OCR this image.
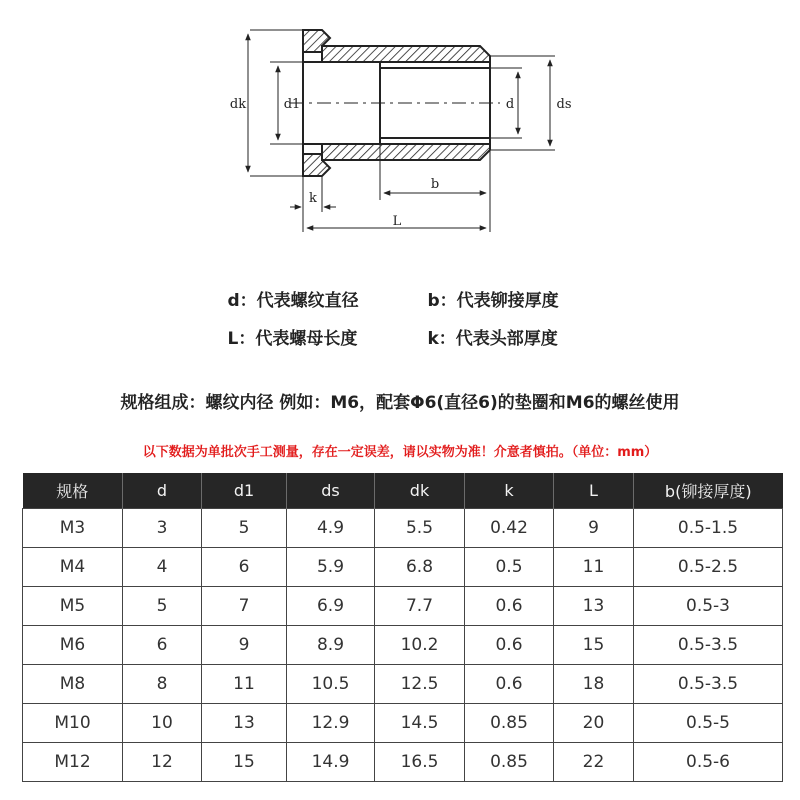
dk	d1	d	ds
k
b
L
d：代表螺纹直径	b：代表铆接厚度
L：代表螺母长度	k：代表头部厚度
规格组成：螺纹内径 例如：M6，配套Φ6(直径6)的垫圈和M6的螺丝使用
以下数据为单批次手工测量，存在一定误差，请以实物为准！介意者慎拍。（单位：mm）
规格	d	d1	ds	dk	k	L	b(铆接厚度)
M3	3	5	4.9	5.5	0.42	9	0.5-1.5
M4	4	6	5.9	6.8	0.5	11	0.5-2.5
M5	5	7	6.9	7.7	0.6	13	0.5-3
M6	6	9	8.9	10.2	0.6	15	0.5-3.5
M8	8	11	10.5	12.5	0.6	18	0.5-3.5
M10	10	13	12.9	14.5	0.85	20	0.5-5
M12	12	15	14.9	16.5	0.85	22	0.5-6
